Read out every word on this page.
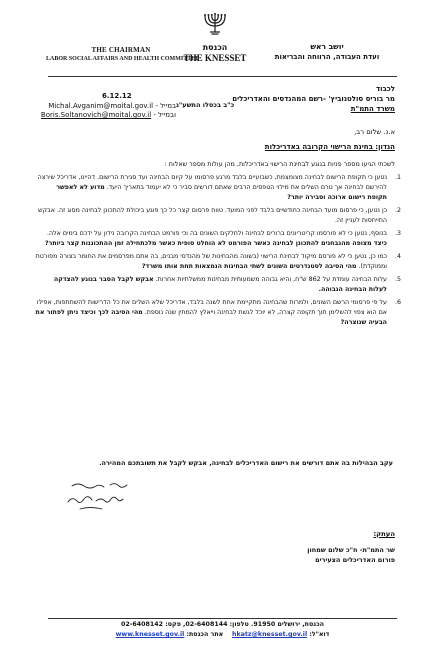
THE CHAIRMAN
LABOR SOCIAL AFFAIRS AND HEALTH COMMITTEE
הכנסת
THE KNESSET
יושב ראש
ועדת העבודה, הרווחה והבריאות
לכבוד
מר בוריס סולטנוביץ' -רשם המהנדסים והאדריכלים
משרד התמ"ת
6.12.12
כ"ב בכסלו התשע"ג
במייל - Michal.Avganim@moital.gov.il
ובמייל - Boris.Soltanovich@moital.gov.il
א.נ. שלום רב,
הנדון: בחינת הרישוי הקרובה באדריכלות
לשכתי הגיעו מספר פניות בנוגע לבחינת הרישוי באדריכלות, מהן עולות מספר שאלות :
1.
נטען כי תקופת הרישום לבחינה מצומצמת, כשבועיים בלבד מרגע פרסומו על קיום הבחינה ועד סגירת הרישום. דהיינו, אדריכל שירצה להירשם לבחינה אך טרם השלים את מילוי הטפסים הרבים שאתם דורשים סביר כי לא יעמוד בתאריך היעד. מדוע לא לאפשר תקופת רישום ארוכה וסבירה יותר?
2.
כן נטען, כי פרסום מועד הבחינה כחודשיים בלבד לפני המועד. טווח פרסום קצר כל כך פוגע ביכולת להתכונן לבחינה מסוג זה. אבקש התייחסות לעניין זה.
3.
בנוסף, נטען כי לא פורסמו קריטריונים ברורים לבחינה ולחלקים השונים בה וכי פורמט הבחינה הקרובה נידון על ידכם בימים אלה. כיצד מצופה מהנבחנים להתכונן לבחינה כאשר הפורמט לא הוחלט סופית כאשר מלכתחילה זמן ההתכוננות קצר ביותר?
4.
כמו כן, נטען כי לא פורסם מיקוד לבחינת הרישוי (בשונה מהבחינות של מהנדסי מבנים, בה אתם מפרסמים את החומר בצורה מפורטת וממוקדת). מהי הסיבה לסטנדרטים השונים לשתי הבחינות הנמצאות תחת אותו משרד?
5.
עלות הבחינה עומדת על 862 ש"ח, והיא גבוהה משמעותית מבחינות ממשלתיות אחרות. אבקש לקבל הסבר בנוגע להצדקה לעלות הבחינה הגבוהה.
6.
על פי פרסומי הרשם השונים, ולמרות שהבחינה מתקיימת אחת לשנה בלבד, אדריכל שלא השלים את כל הדרישות להשתתפות, אפילו אם הוא צפוי להשלימן תוך תקופה קצרה, לא יוכל לגשת לבחינה וייאלץ להמתין שנה נוספת. מהי הסיבה לכך וכיצד ניתן לפתור את הבעיה שנוצרה?
עקב הבהילות בה אתם דורשים את רישום האדריכלים לבחינה, אבקש לקבל את תשובתכם המהירה.
העתק:
שר התמ"ת- ח"כ שלום שמחון
פורום האדריכלים הצעירים
הכנסת, ירושלים 91950. טלפון: 02-6408144, פקס: 02-6408142
דוא"ל: hkatz@knesset.gov.il    אתר הכנסת: www.knesset.gov.il
